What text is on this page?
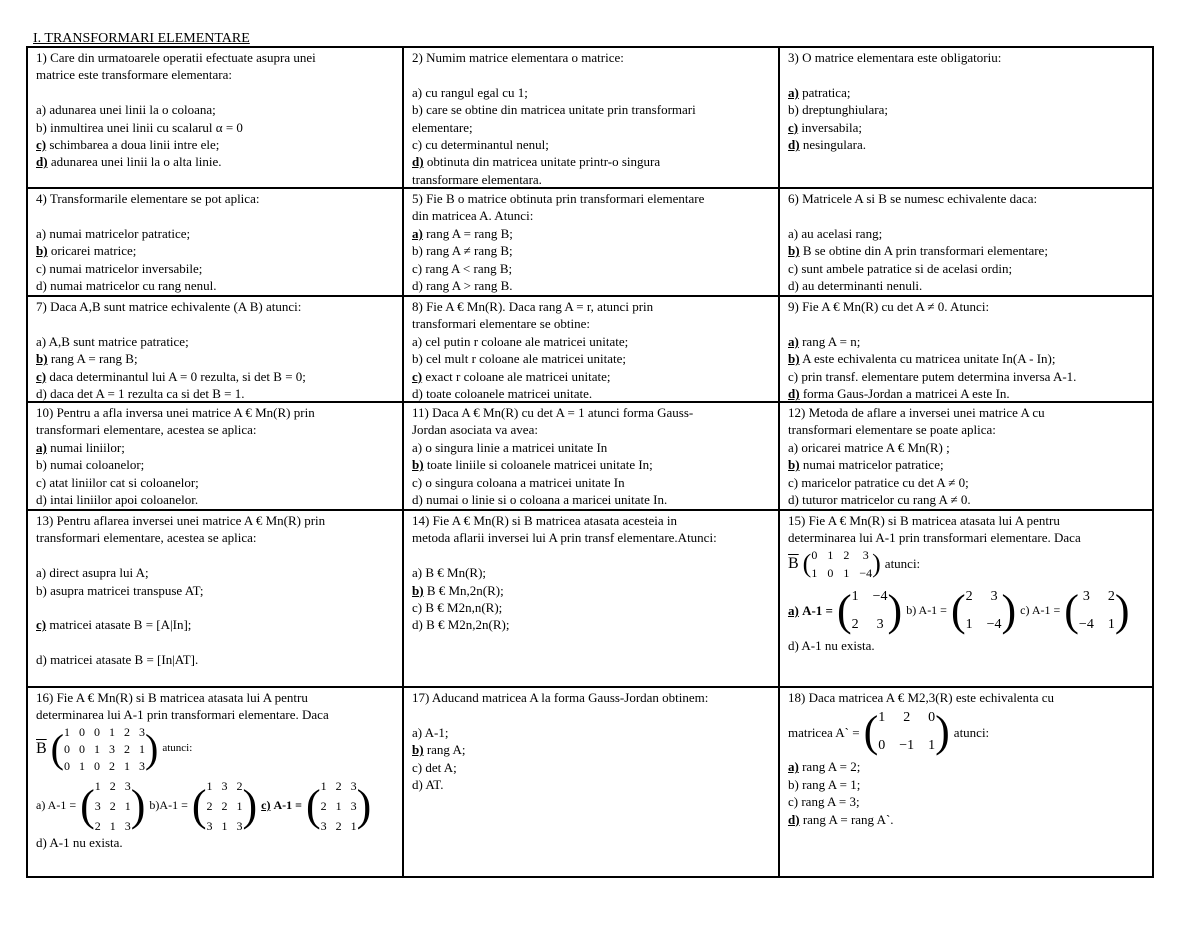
I. TRANSFORMARI ELEMENTARE
1) Care din urmatoarele operatii efectuate asupra unei
matrice este transformare elementara:
a) adunarea unei linii la o coloana;
b) inmultirea unei linii cu scalarul α = 0
c) schimbarea a doua linii intre ele;
d) adunarea unei linii la o alta linie.
2) Numim matrice elementara o matrice:
a) cu rangul egal cu 1;
b) care se obtine din matricea unitate prin transformari
elementare;
c) cu determinantul nenul;
d) obtinuta din matricea unitate printr-o singura
transformare elementara.
3) O matrice elementara este obligatoriu:
a) patratica;
b) dreptunghiulara;
c) inversabila;
d) nesingulara.
4) Transformarile elementare se pot aplica:
a) numai matricelor patratice;
b) oricarei matrice;
c) numai matricelor inversabile;
d) numai matricelor cu rang nenul.
5) Fie B o matrice obtinuta prin transformari elementare
din matricea A. Atunci:
a) rang A = rang B;
b) rang A ≠ rang B;
c) rang A < rang B;
d) rang A > rang B.
6) Matricele A si B se numesc echivalente daca:
a) au acelasi rang;
b) B se obtine din A prin transformari elementare;
c) sunt ambele patratice si de acelasi ordin;
d) au determinanti nenuli.
7) Daca A,B sunt matrice echivalente (A B) atunci:
a) A,B sunt matrice patratice;
b) rang A = rang B;
c) daca determinantul lui A = 0 rezulta, si det B = 0;
d) daca det A = 1 rezulta ca si det B = 1.
8) Fie A € Mn(R). Daca rang A = r, atunci prin
transformari elementare se obtine:
a) cel putin r coloane ale matricei unitate;
b) cel mult r coloane ale matricei unitate;
c) exact r coloane ale matricei unitate;
d) toate coloanele matricei unitate.
9) Fie A € Mn(R) cu det A ≠ 0. Atunci:
a) rang A = n;
b) A este echivalenta cu matricea unitate In(A - In);
c) prin transf. elementare putem determina inversa A-1.
d) forma Gaus-Jordan a matricei A este In.
10) Pentru a afla inversa unei matrice A € Mn(R) prin
transformari elementare, acestea se aplica:
a) numai liniilor;
b) numai coloanelor;
c) atat liniilor cat si coloanelor;
d) intai liniilor apoi coloanelor.
11) Daca A € Mn(R) cu det A = 1 atunci forma Gauss-
Jordan asociata va avea:
a) o singura linie a matricei unitate In
b) toate liniile si coloanele matricei unitate In;
c) o singura coloana a matricei unitate In
d) numai o linie si o coloana a maricei unitate In.
12) Metoda de aflare a inversei unei matrice A cu
transformari elementare se poate aplica:
a) oricarei matrice A € Mn(R) ;
b) numai matricelor patratice;
c) maricelor patratice cu det A ≠ 0;
d) tuturor matricelor cu rang A ≠ 0.
13) Pentru aflarea inversei unei matrice A € Mn(R) prin
transformari elementare, acestea se aplica:
a) direct asupra lui A;
b) asupra matricei transpuse AT;
c) matricei atasate B = [A|In];
d) matricei atasate B = [In|AT].
14) Fie A € Mn(R) si B matricea atasata acesteia in
metoda aflarii inversei lui A prin transf elementare.Atunci:
a) B € Mn(R);
b) B € Mn,2n(R);
c) B € M2n,n(R);
d) B € M2n,2n(R);
15) Fie A € Mn(R) si B matricea atasata lui A pentru
determinarea lui A-1 prin transformari elementare. Daca
$\overline{B}$ ( 0 1 2 3
1 0 1 −4 ) atunci:
a) A-1 = ( 1 −4
2 3 ) b) A-1 = ( 2 3
1 −4 ) c) A-1 = ( 3 2
−4 1 )
d) A-1 nu exista.
16) Fie A € Mn(R) si B matricea atasata lui A pentru
determinarea lui A-1 prin transformari elementare. Daca
$\overline{B}$ ( 1 0 0 1 2 3
0 0 1 3 2 1
0 1 0 2 1 3 ) atunci:
a) A-1 = ( 1 2 3
3 2 1
2 1 3 ) b)A-1 = ( 1 3 2
2 2 1
3 1 3 ) c) A-1 = ( 1 2 3
2 1 3
3 2 1 )
d) A-1 nu exista.
17) Aducand matricea A la forma Gauss-Jordan obtinem:
a) A-1;
b) rang A;
c) det A;
d) AT.
18) Daca matricea A € M2,3(R) este echivalenta cu
matricea A` = ( 1 2 0
0 −1 1 ) atunci:
a) rang A = 2;
b) rang A = 1;
c) rang A = 3;
d) rang A = rang A`.
